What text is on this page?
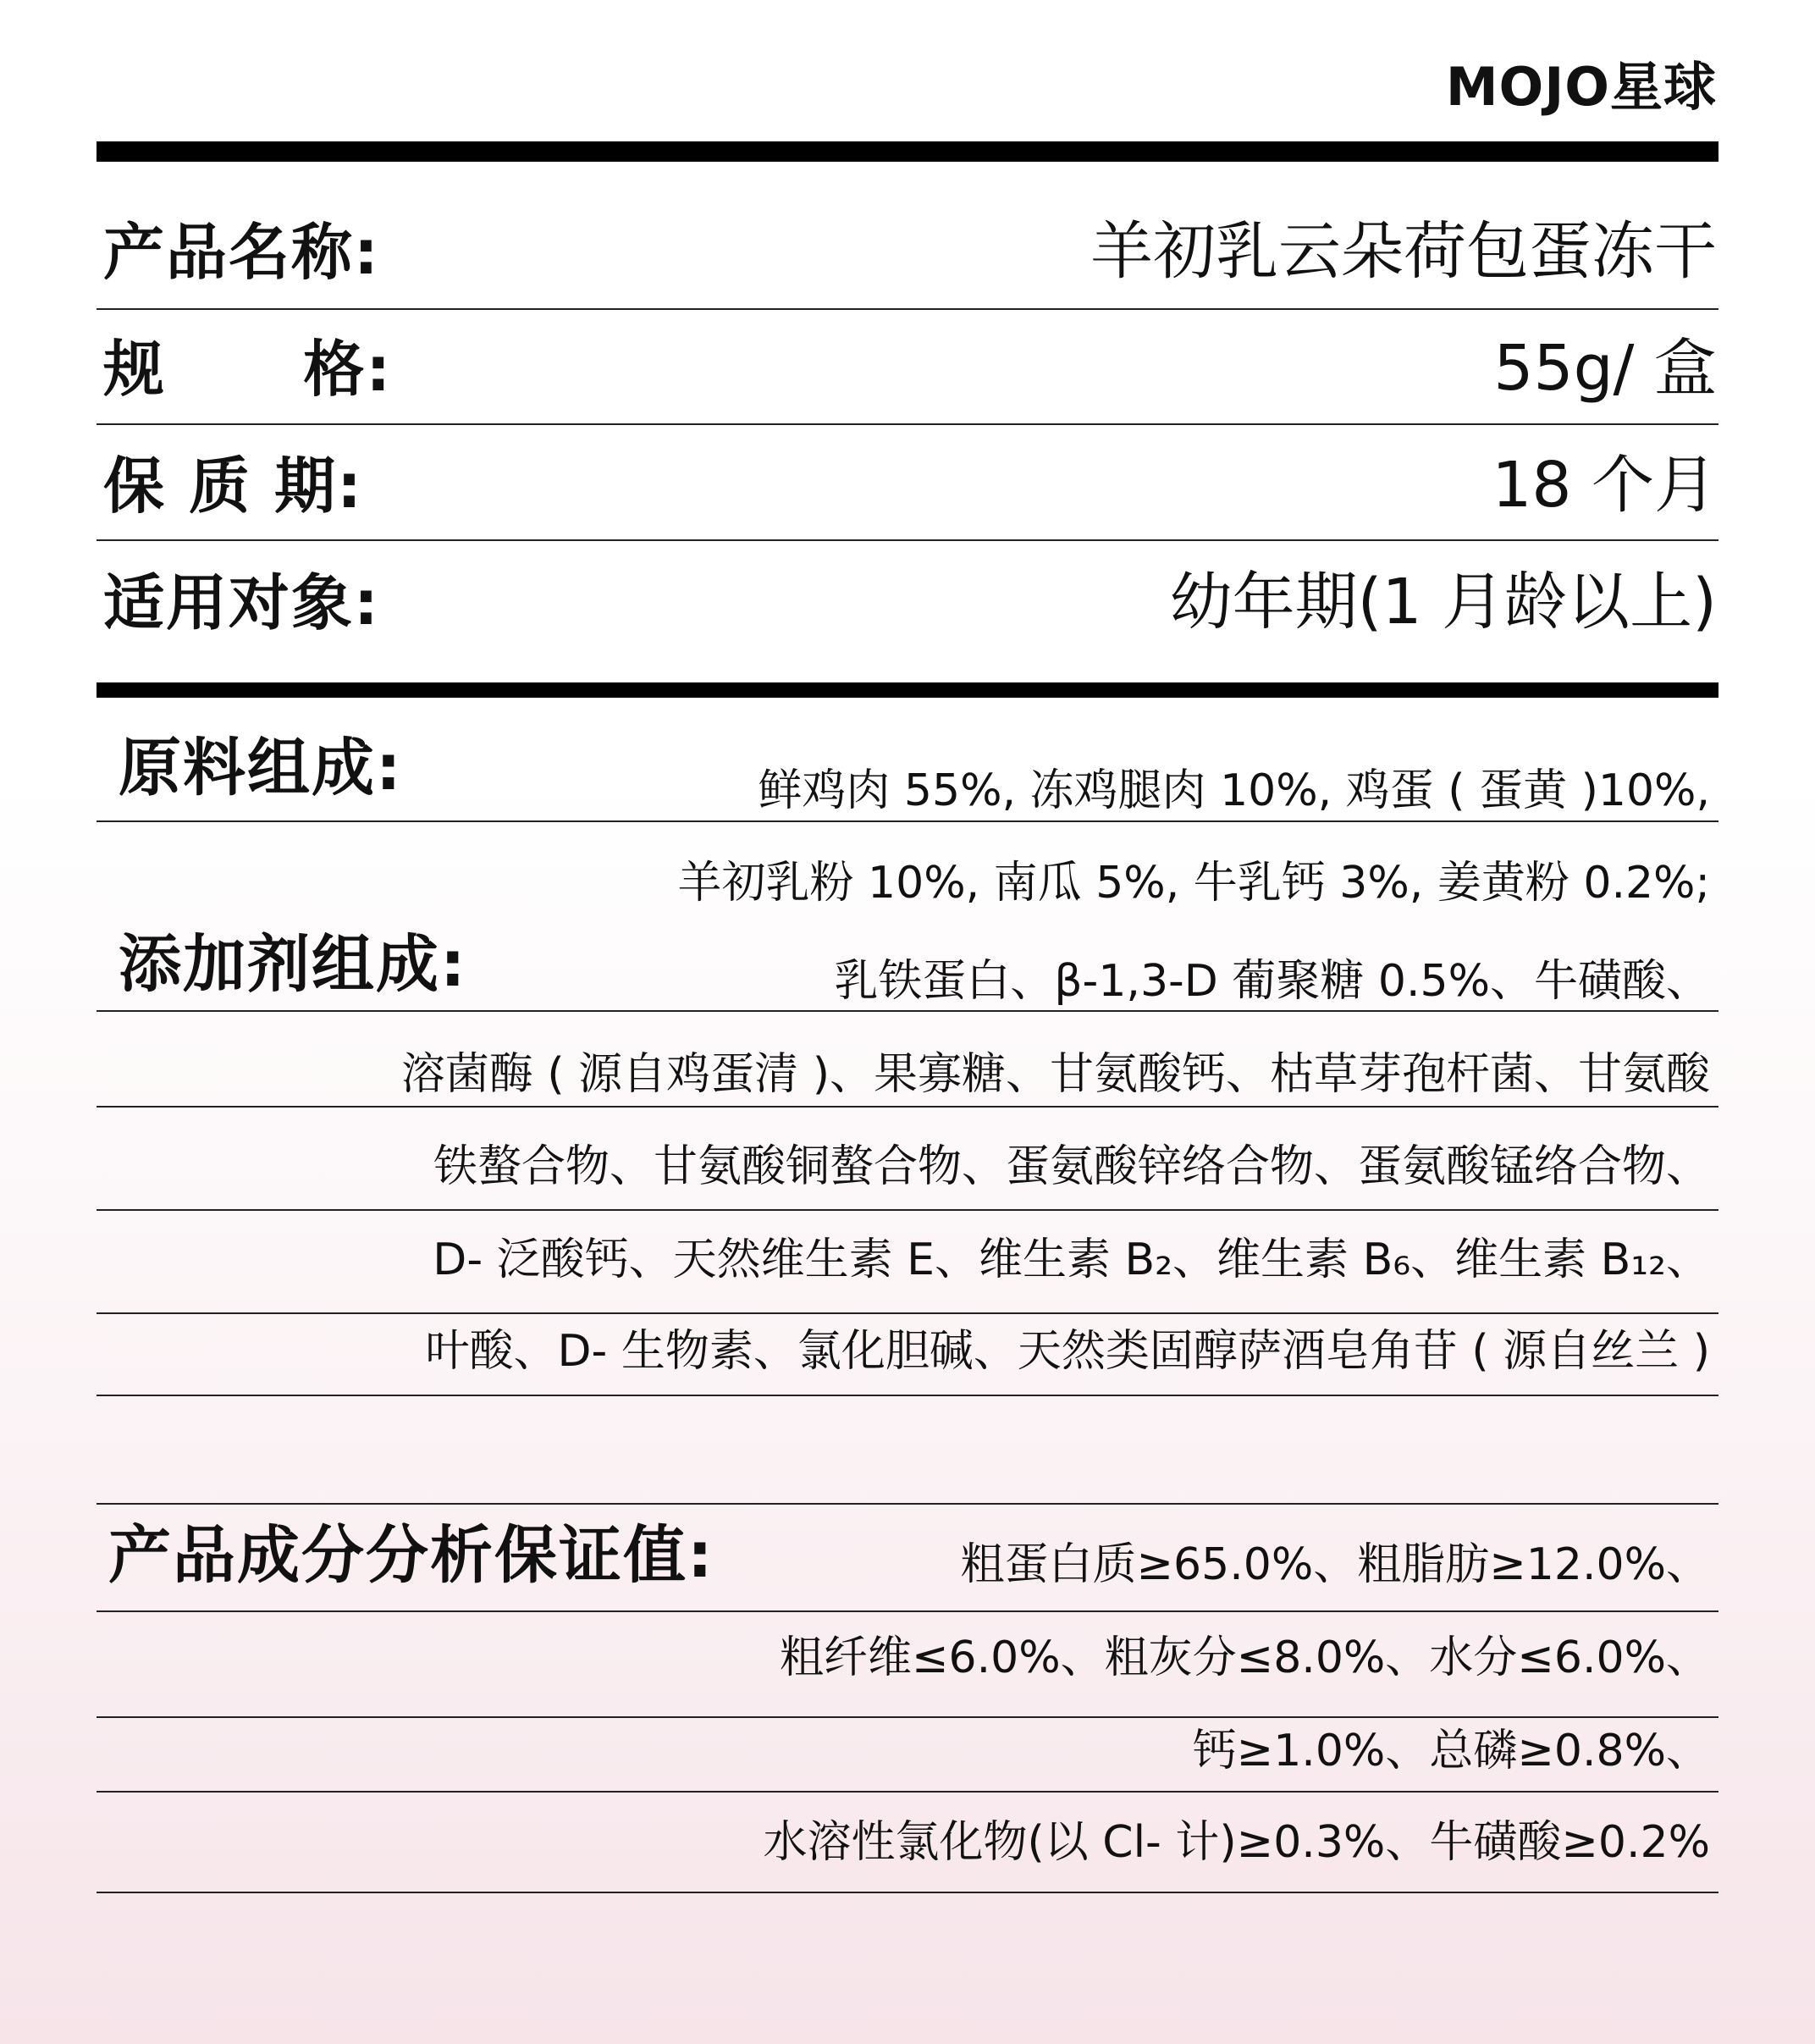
MOJO星球
产品名称:	羊初乳云朵荷包蛋冻干
规      格:	55g/ 盒
保 质 期:	18 个月
适用对象:	幼年期(1 月龄以上)
原料组成:	鲜鸡肉 55%, 冻鸡腿肉 10%, 鸡蛋 ( 蛋黄 )10%,
羊初乳粉 10%, 南瓜 5%, 牛乳钙 3%, 姜黄粉 0.2%;
添加剂组成:	乳铁蛋白、β-1,3-D 葡聚糖 0.5%、牛磺酸、
溶菌酶 ( 源自鸡蛋清 )、果寡糖、甘氨酸钙、枯草芽孢杆菌、甘氨酸
铁螯合物、甘氨酸铜螯合物、蛋氨酸锌络合物、蛋氨酸锰络合物、
D- 泛酸钙、天然维生素 E、维生素 B₂、维生素 B₆、维生素 B₁₂、
叶酸、D- 生物素、氯化胆碱、天然类固醇萨酒皂角苷 ( 源自丝兰 )
产品成分分析保证值:	粗蛋白质≥65.0%、粗脂肪≥12.0%、
粗纤维≤6.0%、粗灰分≤8.0%、水分≤6.0%、
钙≥1.0%、总磷≥0.8%、
水溶性氯化物(以 Cl- 计)≥0.3%、牛磺酸≥0.2%
